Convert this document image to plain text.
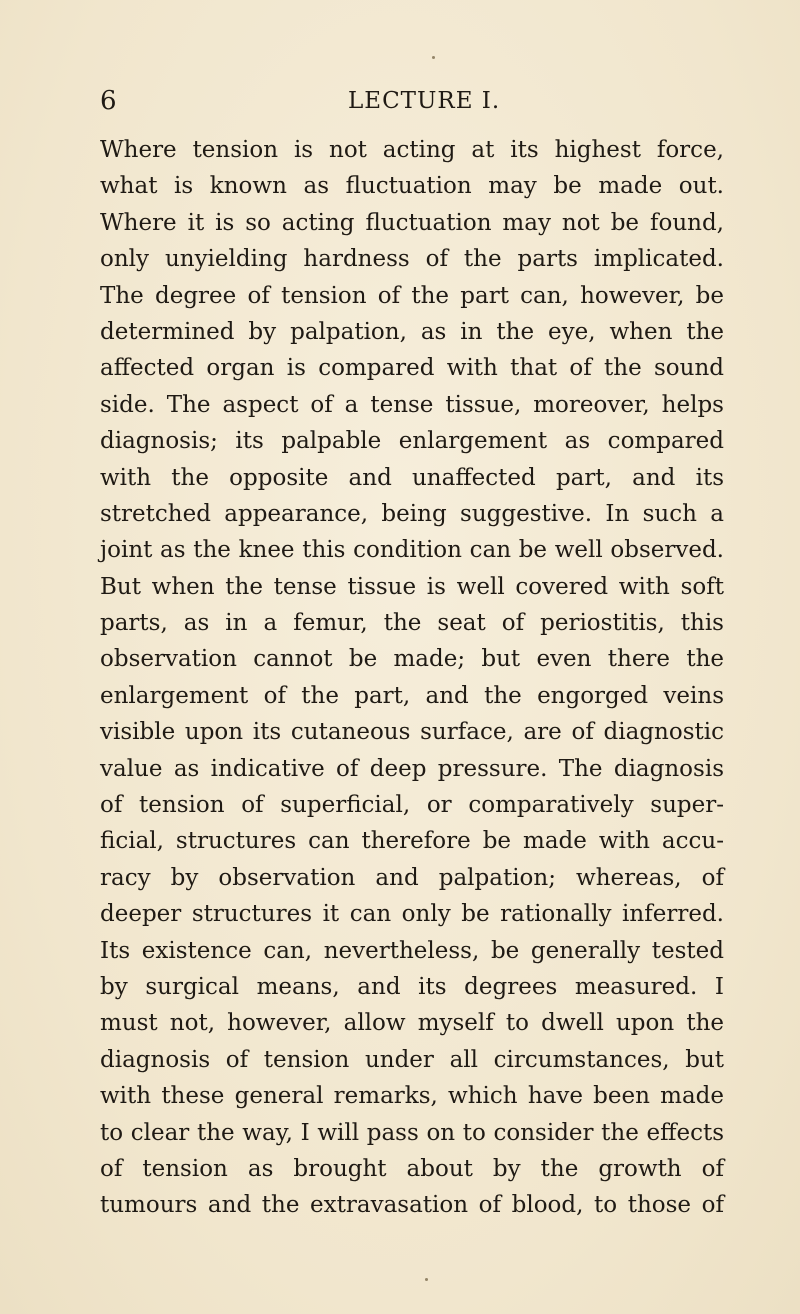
6	LECTURE I.
Where tension is not acting at its highest force,
what is known as fluctuation may be made out.
Where it is so acting fluctuation may not be found,
only unyielding hardness of the parts implicated.
The degree of tension of the part can, however, be
determined by palpation, as in the eye, when the
affected organ is compared with that of the sound
side. The aspect of a tense tissue, moreover, helps
diagnosis; its palpable enlargement as compared
with the opposite and unaffected part, and its
stretched appearance, being suggestive. In such a
joint as the knee this condition can be well observed.
But when the tense tissue is well covered with soft
parts, as in a femur, the seat of periostitis, this
observation cannot be made; but even there the
enlargement of the part, and the engorged veins
visible upon its cutaneous surface, are of diagnostic
value as indicative of deep pressure. The diagnosis
of tension of superficial, or comparatively super-
ficial, structures can therefore be made with accu-
racy by observation and palpation; whereas, of
deeper structures it can only be rationally inferred.
Its existence can, nevertheless, be generally tested
by surgical means, and its degrees measured. I
must not, however, allow myself to dwell upon the
diagnosis of tension under all circumstances, but
with these general remarks, which have been made
to clear the way, I will pass on to consider the effects
of tension as brought about by the growth of
tumours and the extravasation of blood, to those of
